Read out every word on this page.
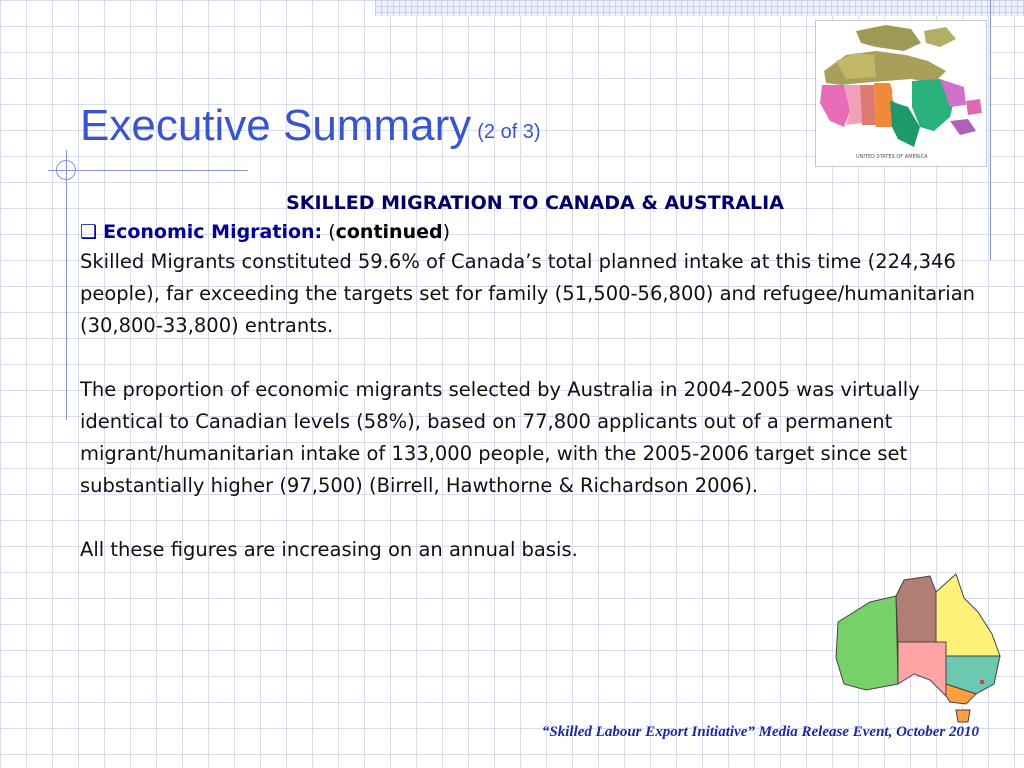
Executive Summary (2 of 3)
UNITED STATES OF AMERICA

SKILLED MIGRATION TO CANADA & AUSTRALIA

❑ Economic Migration: (continued)

Skilled Migrants constituted 59.6% of Canada’s total planned intake at this time (224,346 people), far exceeding the targets set for family (51,500-56,800) and refugee/humanitarian (30,800-33,800) entrants.

The proportion of economic migrants selected by Australia in 2004-2005 was virtually identical to Canadian levels (58%), based on 77,800 applicants out of a permanent migrant/humanitarian intake of 133,000 people, with the 2005-2006 target since set substantially higher (97,500) (Birrell, Hawthorne & Richardson 2006).

All these figures are increasing on an annual basis.

“Skilled Labour Export Initiative” Media Release Event, October 2010
